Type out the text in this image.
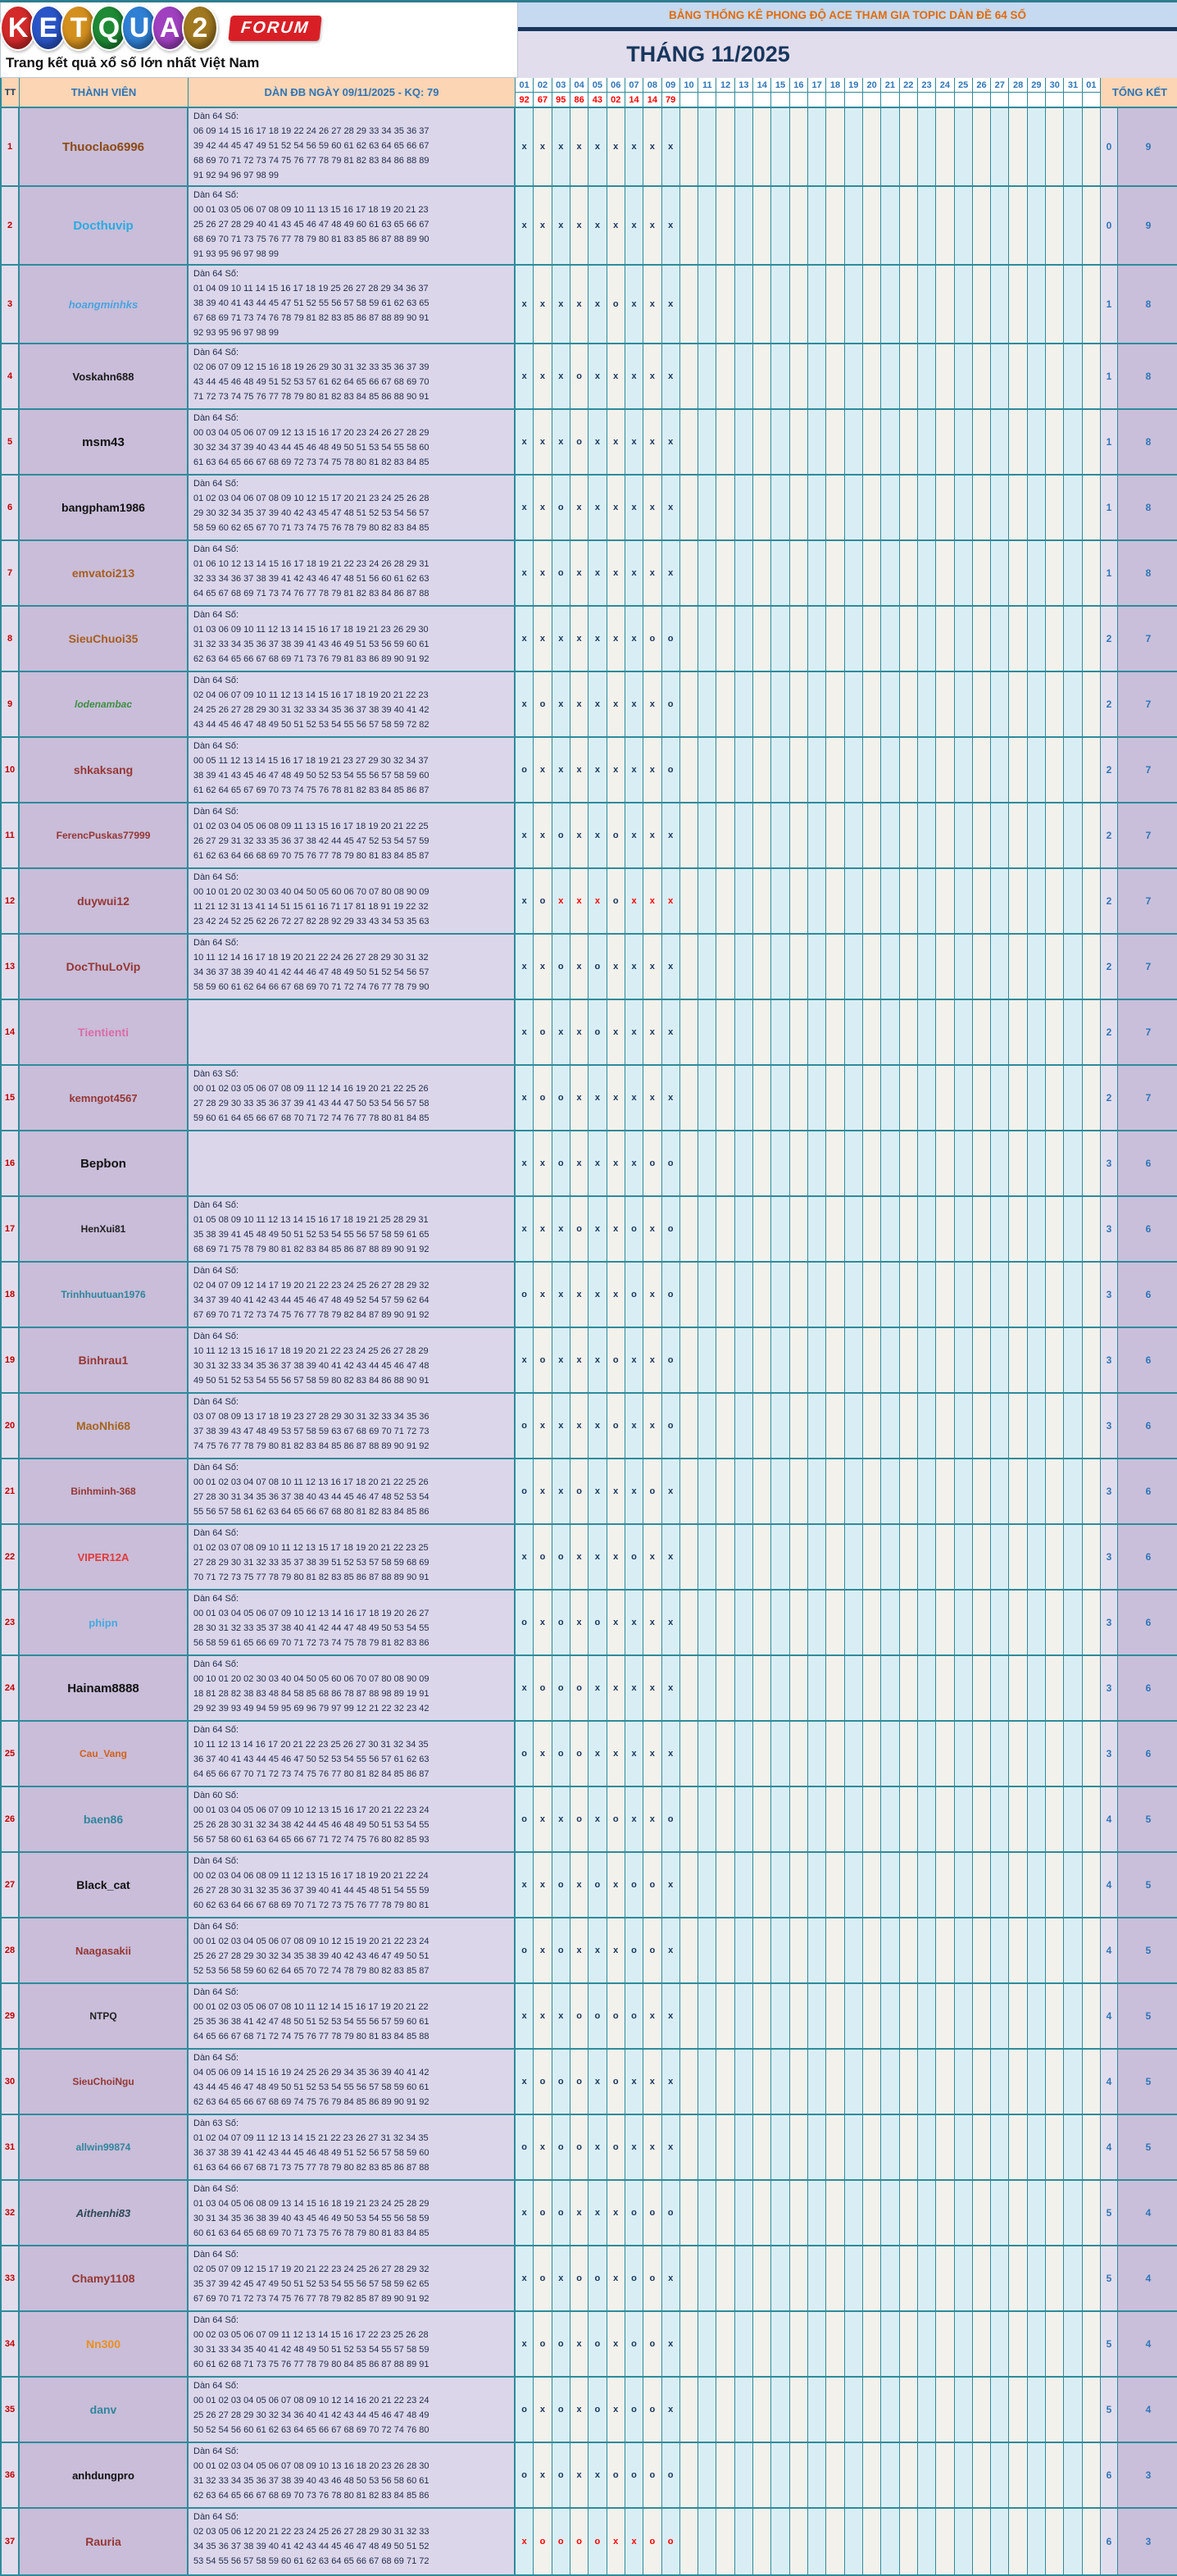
K E T Q U A 2	FORUM
Trang kết quả xổ số lớn nhất Việt Nam
BẢNG THỐNG KÊ PHONG ĐỘ ACE THAM GIA TOPIC DÀN ĐỀ 64 SỐ
THÁNG 11/2025
TT	THÀNH VIÊN	DÀN ĐB NGÀY 09/11/2025 - KQ: 79
01 02 03 04 05 06 07 08 09 10 11 12 13 14 15 16 17 18 19 20 21 22 23 24 25 26 27 28 29 30 31 01
92 67 95 86 43 02 14 14 79
TỔNG KẾT
1	Thuoclao6996
Dàn 64 Số:
06 09 14 15 16 17 18 19 22 24 26 27 28 29 33 34 35 36 37
39 42 44 45 47 49 51 52 54 56 59 60 61 62 63 64 65 66 67
68 69 70 71 72 73 74 75 76 77 78 79 81 82 83 84 86 88 89
91 92 94 96 97 98 99
x	x	x	x	x	x	x	x	x	0	9
2	Docthuvip
Dàn 64 Số:
00 01 03 05 06 07 08 09 10 11 13 15 16 17 18 19 20 21 23
25 26 27 28 29 40 41 43 45 46 47 48 49 60 61 63 65 66 67
68 69 70 71 73 75 76 77 78 79 80 81 83 85 86 87 88 89 90
91 93 95 96 97 98 99
x	x	x	x	x	x	x	x	x	0	9
3	hoangminhks
Dàn 64 Số:
01 04 09 10 11 14 15 16 17 18 19 25 26 27 28 29 34 36 37
38 39 40 41 43 44 45 47 51 52 55 56 57 58 59 61 62 63 65
67 68 69 71 73 74 76 78 79 81 82 83 85 86 87 88 89 90 91
92 93 95 96 97 98 99
x	x	x	x	x	o	x	x	x	1	8
4	Voskahn688
Dàn 64 Số:
02 06 07 09 12 15 16 18 19 26 29 30 31 32 33 35 36 37 39
43 44 45 46 48 49 51 52 53 57 61 62 64 65 66 67 68 69 70
71 72 73 74 75 76 77 78 79 80 81 82 83 84 85 86 88 90 91
x	x	x	o	x	x	x	x	x	1	8
5	msm43
Dàn 64 Số:
00 03 04 05 06 07 09 12 13 15 16 17 20 23 24 26 27 28 29
30 32 34 37 39 40 43 44 45 46 48 49 50 51 53 54 55 58 60
61 63 64 65 66 67 68 69 72 73 74 75 78 80 81 82 83 84 85
x	x	x	o	x	x	x	x	x	1	8
6	bangpham1986
Dàn 64 Số:
01 02 03 04 06 07 08 09 10 12 15 17 20 21 23 24 25 26 28
29 30 32 34 35 37 39 40 42 43 45 47 48 51 52 53 54 56 57
58 59 60 62 65 67 70 71 73 74 75 76 78 79 80 82 83 84 85
x	x	o	x	x	x	x	x	x	1	8
7	emvatoi213
Dàn 64 Số:
01 06 10 12 13 14 15 16 17 18 19 21 22 23 24 26 28 29 31
32 33 34 36 37 38 39 41 42 43 46 47 48 51 56 60 61 62 63
64 65 67 68 69 71 73 74 76 77 78 79 81 82 83 84 86 87 88
x	x	o	x	x	x	x	x	x	1	8
8	SieuChuoi35
Dàn 64 Số:
01 03 06 09 10 11 12 13 14 15 16 17 18 19 21 23 26 29 30
31 32 33 34 35 36 37 38 39 41 43 46 49 51 53 56 59 60 61
62 63 64 65 66 67 68 69 71 73 76 79 81 83 86 89 90 91 92
x	x	x	x	x	x	x	o	o	2	7
9	lodenambac
Dàn 64 Số:
02 04 06 07 09 10 11 12 13 14 15 16 17 18 19 20 21 22 23
24 25 26 27 28 29 30 31 32 33 34 35 36 37 38 39 40 41 42
43 44 45 46 47 48 49 50 51 52 53 54 55 56 57 58 59 72 82
x	o	x	x	x	x	x	x	o	2	7
10	shkaksang
Dàn 64 Số:
00 05 11 12 13 14 15 16 17 18 19 21 23 27 29 30 32 34 37
38 39 41 43 45 46 47 48 49 50 52 53 54 55 56 57 58 59 60
61 62 64 65 67 69 70 73 74 75 76 78 81 82 83 84 85 86 87
o	x	x	x	x	x	x	x	o	2	7
11	FerencPuskas77999
Dàn 64 Số:
01 02 03 04 05 06 08 09 11 13 15 16 17 18 19 20 21 22 25
26 27 29 31 32 33 35 36 37 38 42 44 45 47 52 53 54 57 59
61 62 63 64 66 68 69 70 75 76 77 78 79 80 81 83 84 85 87
x	x	o	x	x	o	x	x	x	2	7
12	duywui12
Dàn 64 Số:
00 10 01 20 02 30 03 40 04 50 05 60 06 70 07 80 08 90 09
11 21 12 31 13 41 14 51 15 61 16 71 17 81 18 91 19 22 32
23 42 24 52 25 62 26 72 27 82 28 92 29 33 43 34 53 35 63
x	o	x	x	x	o	x	x	x	2	7
13	DocThuLoVip
Dàn 64 Số:
10 11 12 14 16 17 18 19 20 21 22 24 26 27 28 29 30 31 32
34 36 37 38 39 40 41 42 44 46 47 48 49 50 51 52 54 56 57
58 59 60 61 62 64 66 67 68 69 70 71 72 74 76 77 78 79 90
x	x	o	x	o	x	x	x	x	2	7
14	Tientienti	x	o	x	x	o	x	x	x	x	2	7
15	kemngot4567
Dàn 63 Số:
00 01 02 03 05 06 07 08 09 11 12 14 16 19 20 21 22 25 26
27 28 29 30 33 35 36 37 39 41 43 44 47 50 53 54 56 57 58
59 60 61 64 65 66 67 68 70 71 72 74 76 77 78 80 81 84 85
x	o	o	x	x	x	x	x	x	2	7
16	Bepbon	x	x	o	x	x	x	x	o	o	3	6
17	HenXui81
Dàn 64 Số:
01 05 08 09 10 11 12 13 14 15 16 17 18 19 21 25 28 29 31
35 38 39 41 45 48 49 50 51 52 53 54 55 56 57 58 59 61 65
68 69 71 75 78 79 80 81 82 83 84 85 86 87 88 89 90 91 92
x	x	x	o	x	x	o	x	o	3	6
18	Trinhhuutuan1976
Dàn 64 Số:
02 04 07 09 12 14 17 19 20 21 22 23 24 25 26 27 28 29 32
34 37 39 40 41 42 43 44 45 46 47 48 49 52 54 57 59 62 64
67 69 70 71 72 73 74 75 76 77 78 79 82 84 87 89 90 91 92
o	x	x	x	x	x	o	x	o	3	6
19	Binhrau1
Dàn 64 Số:
10 11 12 13 15 16 17 18 19 20 21 22 23 24 25 26 27 28 29
30 31 32 33 34 35 36 37 38 39 40 41 42 43 44 45 46 47 48
49 50 51 52 53 54 55 56 57 58 59 80 82 83 84 86 88 90 91
x	o	x	x	x	o	x	x	o	3	6
20	MaoNhi68
Dàn 64 Số:
03 07 08 09 13 17 18 19 23 27 28 29 30 31 32 33 34 35 36
37 38 39 43 47 48 49 53 57 58 59 63 67 68 69 70 71 72 73
74 75 76 77 78 79 80 81 82 83 84 85 86 87 88 89 90 91 92
o	x	x	x	x	o	x	x	o	3	6
21	Binhminh-368
Dàn 64 Số:
00 01 02 03 04 07 08 10 11 12 13 16 17 18 20 21 22 25 26
27 28 30 31 34 35 36 37 38 40 43 44 45 46 47 48 52 53 54
55 56 57 58 61 62 63 64 65 66 67 68 80 81 82 83 84 85 86
o	x	x	o	x	x	x	o	x	3	6
22	VIPER12A
Dàn 64 Số:
01 02 03 07 08 09 10 11 12 13 15 17 18 19 20 21 22 23 25
27 28 29 30 31 32 33 35 37 38 39 51 52 53 57 58 59 68 69
70 71 72 73 75 77 78 79 80 81 82 83 85 86 87 88 89 90 91
x	o	o	x	x	x	o	x	x	3	6
23	phipn
Dàn 64 Số:
00 01 03 04 05 06 07 09 10 12 13 14 16 17 18 19 20 26 27
28 30 31 32 33 35 37 38 40 41 42 44 47 48 49 50 53 54 55
56 58 59 61 65 66 69 70 71 72 73 74 75 78 79 81 82 83 86
o	x	o	x	o	x	x	x	x	3	6
24	Hainam8888
Dàn 64 Số:
00 10 01 20 02 30 03 40 04 50 05 60 06 70 07 80 08 90 09
18 81 28 82 38 83 48 84 58 85 68 86 78 87 88 98 89 19 91
29 92 39 93 49 94 59 95 69 96 79 97 99 12 21 22 32 23 42
x	o	o	o	x	x	x	x	x	3	6
25	Cau_Vang
Dàn 64 Số:
10 11 12 13 14 16 17 20 21 22 23 25 26 27 30 31 32 34 35
36 37 40 41 43 44 45 46 47 50 52 53 54 55 56 57 61 62 63
64 65 66 67 70 71 72 73 74 75 76 77 80 81 82 84 85 86 87
o	x	o	o	x	x	x	x	x	3	6
26	baen86
Dàn 60 Số:
00 01 03 04 05 06 07 09 10 12 13 15 16 17 20 21 22 23 24
25 26 28 30 31 32 34 38 42 44 45 46 48 49 50 51 53 54 55
56 57 58 60 61 63 64 65 66 67 71 72 74 75 76 80 82 85 93
o	x	x	o	x	o	x	x	o	4	5
27	Black_cat
Dàn 64 Số:
00 02 03 04 06 08 09 11 12 13 15 16 17 18 19 20 21 22 24
26 27 28 30 31 32 35 36 37 39 40 41 44 45 48 51 54 55 59
60 62 63 64 66 67 68 69 70 71 72 73 75 76 77 78 79 80 81
x	x	o	x	o	x	o	o	x	4	5
28	Naagasakii
Dàn 64 Số:
00 01 02 03 04 05 06 07 08 09 10 12 15 19 20 21 22 23 24
25 26 27 28 29 30 32 34 35 38 39 40 42 43 46 47 49 50 51
52 53 56 58 59 60 62 64 65 70 72 74 78 79 80 82 83 85 87
o	x	o	x	x	x	o	o	x	4	5
29	NTPQ
Dàn 64 Số:
00 01 02 03 05 06 07 08 10 11 12 14 15 16 17 19 20 21 22
25 35 36 38 41 42 47 48 50 51 52 53 54 55 56 57 59 60 61
64 65 66 67 68 71 72 74 75 76 77 78 79 80 81 83 84 85 88
x	x	x	o	o	o	o	x	x	4	5
30	SieuChoiNgu
Dàn 64 Số:
04 05 06 09 14 15 16 19 24 25 26 29 34 35 36 39 40 41 42
43 44 45 46 47 48 49 50 51 52 53 54 55 56 57 58 59 60 61
62 63 64 65 66 67 68 69 74 75 76 79 84 85 86 89 90 91 92
x	o	o	o	x	o	x	x	x	4	5
31	allwin99874
Dàn 63 Số:
01 02 04 07 09 11 12 13 14 15 21 22 23 26 27 31 32 34 35
36 37 38 39 41 42 43 44 45 46 48 49 51 52 56 57 58 59 60
61 63 64 66 67 68 71 73 75 77 78 79 80 82 83 85 86 87 88
o	x	o	o	x	o	x	x	x	4	5
32	Aithenhi83
Dàn 64 Số:
01 03 04 05 06 08 09 13 14 15 16 18 19 21 23 24 25 28 29
30 31 34 35 36 38 39 40 43 45 46 49 50 53 54 55 56 58 59
60 61 63 64 65 68 69 70 71 73 75 76 78 79 80 81 83 84 85
x	o	o	x	x	x	o	o	o	5	4
33	Chamy1108
Dàn 64 Số:
02 05 07 09 12 15 17 19 20 21 22 23 24 25 26 27 28 29 32
35 37 39 42 45 47 49 50 51 52 53 54 55 56 57 58 59 62 65
67 69 70 71 72 73 74 75 76 77 78 79 82 85 87 89 90 91 92
x	o	x	o	o	x	o	o	x	5	4
34	Nn300
Dàn 64 Số:
00 02 03 05 06 07 09 11 12 13 14 15 16 17 22 23 25 26 28
30 31 33 34 35 40 41 42 48 49 50 51 52 53 54 55 57 58 59
60 61 62 68 71 73 75 76 77 78 79 80 84 85 86 87 88 89 91
x	o	o	x	o	x	o	o	x	5	4
35	danv
Dàn 64 Số:
00 01 02 03 04 05 06 07 08 09 10 12 14 16 20 21 22 23 24
25 26 27 28 29 30 32 34 36 40 41 42 43 44 45 46 47 48 49
50 52 54 56 60 61 62 63 64 65 66 67 68 69 70 72 74 76 80
o	x	o	x	o	x	o	o	x	5	4
36	anhdungpro
Dàn 64 Số:
00 01 02 03 04 05 06 07 08 09 10 13 16 18 20 23 26 28 30
31 32 33 34 35 36 37 38 39 40 43 46 48 50 53 56 58 60 61
62 63 64 65 66 67 68 69 70 73 76 78 80 81 82 83 84 85 86
o	x	o	x	x	o	o	o	o	6	3
37	Rauria
Dàn 64 Số:
02 03 05 06 12 20 21 22 23 24 25 26 27 28 29 30 31 32 33
34 35 36 37 38 39 40 41 42 43 44 45 46 47 48 49 50 51 52
53 54 55 56 57 58 59 60 61 62 63 64 65 66 67 68 69 71 72
x	o	o	o	o	x	x	o	o	6	3
